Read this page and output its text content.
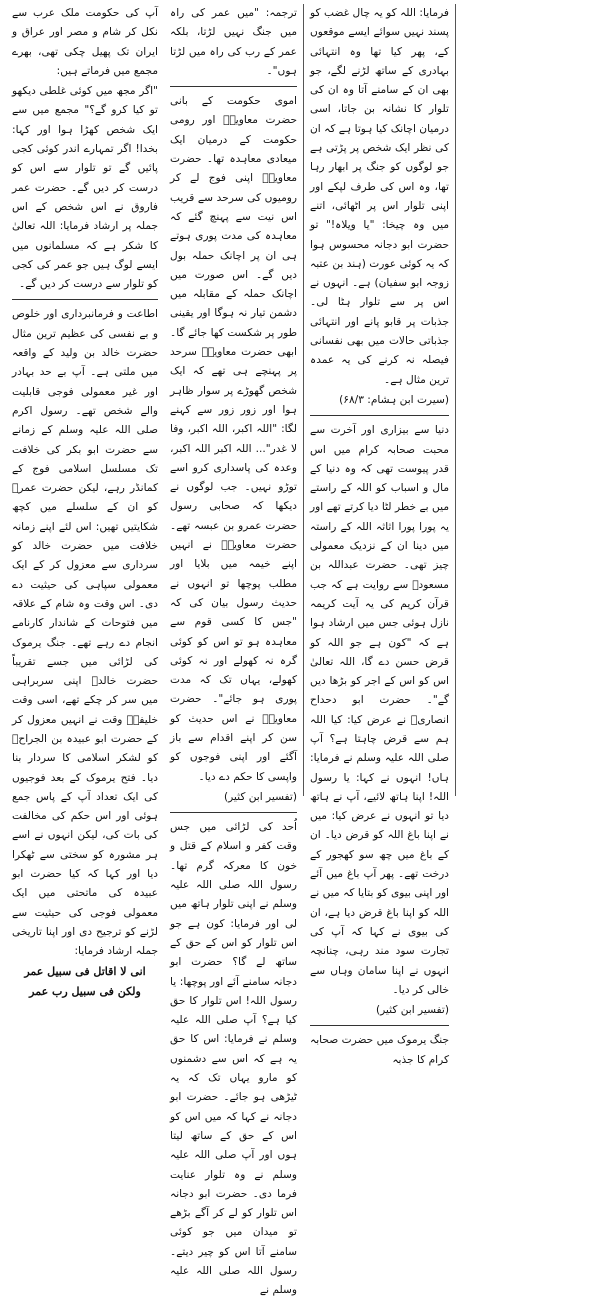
آپ کی حکومت ملک عرب سے نکل کر شام و مصر اور عراق و ایران تک پھیل چکی تھی، بھرے مجمع میں فرماتے ہیں:

"اگر مجھ میں کوئی غلطی دیکھو تو کیا کرو گے؟" مجمع میں سے ایک شخص کھڑا ہوا اور کہا: بخدا! اگر تمہارے اندر کوئی کجی پائیں گے تو تلوار سے اس کو درست کر دیں گے۔ حضرت عمر فاروق نے اس شخص کے اس جملہ پر ارشاد فرمایا: اللہ تعالیٰ کا شکر ہے کہ مسلمانوں میں ایسے لوگ ہیں جو عمر کی کجی کو تلوار سے درست کر دیں گے۔

اطاعت و فرمانبرداری اور خلوص و بے نفسی کی عظیم ترین مثال حضرت خالد بن ولید کے واقعہ میں ملتی ہے۔ آپ بے حد بہادر اور غیر معمولی فوجی قابلیت والے شخص تھے۔ رسول اکرم صلی اللہ علیہ وسلم کے زمانے سے حضرت ابو بکر کی خلافت تک مسلسل اسلامی فوج کے کمانڈر رہے، لیکن حضرت عمرؓ کو ان کے سلسلے میں کچھ شکایتیں تھیں: اس لئے اپنے زمانہ خلافت میں حضرت خالد کو سرداری سے معزول کر کے ایک معمولی سپاہی کی حیثیت دے دی۔ اس وقت وہ شام کے علاقہ میں فتوحات کے شاندار کارنامے انجام دے رہے تھے۔ جنگ یرموک کی لڑائی میں جسے تقریباً حضرت خالدؓ اپنی سربراہی میں سر کر چکے تھے، اسی وقت خلیفہؓ وقت نے انہیں معزول کر کے حضرت ابو عبیدہ بن الجراحؓ کو لشکر اسلامی کا سردار بنا دیا۔ فتح یرموک کے بعد فوجیوں کی ایک تعداد آپ کے پاس جمع ہوئی اور اس حکم کی مخالفت کی بات کی، لیکن انہوں نے اسے ہر مشورہ کو سختی سے ٹھکرا دیا اور کہا کہ کیا حضرت ابو عبیدہ کی ماتحتی میں ایک معمولی فوجی کی حیثیت سے لڑنے کو ترجیح دی اور اپنا تاریخی جملہ ارشاد فرمایا:

انی لا اقاتل فی سبیل عمر

ولکن فی سبیل رب عمر

ترجمہ: "میں عمر کی راہ میں جنگ نہیں لڑتا، بلکہ عمر کے رب کی راہ میں لڑتا ہوں"۔

اموی حکومت کے بانی حضرت معاویہؓ اور رومی حکومت کے درمیان ایک میعادی معاہدہ تھا۔ حضرت معاویہؓ اپنی فوج لے کر رومیوں کی سرحد سے قریب اس نیت سے پہنچ گئے کہ معاہدہ کی مدت پوری ہوتے ہی ان پر اچانک حملہ بول دیں گے۔ اس صورت میں اچانک حملہ کے مقابلہ میں دشمن تیار نہ ہوگا اور یقینی طور پر شکست کھا جائے گا۔ ابھی حضرت معاویہؓ سرحد پر پہنچے ہی تھے کہ ایک شخص گھوڑے پر سوار ظاہر ہوا اور زور زور سے کہنے لگا: "اللہ اکبر، اللہ اکبر، وفا لا غدر"... اللہ اکبر اللہ اکبر، وعدہ کی پاسداری کرو اسے توڑو نہیں۔ جب لوگوں نے دیکھا کہ صحابی رسول حضرت عمرو بن عبسہ تھے۔ حضرت معاویہؓ نے انہیں اپنے خیمہ میں بلایا اور مطلب پوچھا تو انہوں نے حدیث رسول بیان کی کہ "جس کا کسی قوم سے معاہدہ ہو تو اس کو کوئی گرہ نہ کھولے اور نہ کوئی کھولے، یہاں تک کہ مدت پوری ہو جائے"۔ حضرت معاویہؓ نے اس حدیث کو سن کر اپنے اقدام سے باز آگئے اور اپنی فوجوں کو واپسی کا حکم دے دیا۔

(تفسیر ابن کثیر)

اُحد کی لڑائی میں جس وقت کفر و اسلام کے قتل و خون کا معرکہ گرم تھا۔ رسول اللہ صلی اللہ علیہ وسلم نے اپنی تلوار ہاتھ میں لی اور فرمایا: کون ہے جو اس تلوار کو اس کے حق کے ساتھ لے گا؟ حضرت ابو دجانہ سامنے آئے اور پوچھا: یا رسول اللہ! اس تلوار کا حق کیا ہے؟ آپ صلی اللہ علیہ وسلم نے فرمایا: اس کا حق یہ ہے کہ اس سے دشمنوں کو مارو یہاں تک کہ یہ ٹیڑھی ہو جائے۔ حضرت ابو دجانہ نے کہا کہ میں اس کو اس کے حق کے ساتھ لیتا ہوں اور آپ صلی اللہ علیہ وسلم نے وہ تلوار عنایت فرما دی۔ حضرت ابو دجانہ اس تلوار کو لے کر آگے بڑھے تو میدان میں جو کوئی سامنے آتا اس کو چیر دیتے۔ رسول اللہ صلی اللہ علیہ وسلم نے

فرمایا: اللہ کو یہ چال غضب کو پسند نہیں سوائے ایسے موقعوں کے، پھر کیا تھا وہ انتہائی بہادری کے ساتھ لڑنے لگے، جو بھی ان کے سامنے آتا وہ ان کی تلوار کا نشانہ بن جاتا، اسی درمیان اچانک کیا ہوتا ہے کہ ان کی نظر ایک شخص پر پڑتی ہے جو لوگوں کو جنگ پر ابھار رہا تھا، وہ اس کی طرف لپکے اور اپنی تلوار اس پر اٹھائی، اتنے میں وہ چیخا: "یا ویلاہ!" تو حضرت ابو دجانہ محسوس ہوا کہ یہ کوئی عورت (ہند بن عتبہ زوجہ ابو سفیان) ہے۔ انہوں نے اس پر سے تلوار ہٹا لی۔ جذبات پر قابو پانے اور انتہائی جذباتی حالات میں بھی نفسانی فیصلہ نہ کرنے کی یہ عمدہ ترین مثال ہے۔

(سیرت ابن ہشام: ۶۸/۳)

دنیا سے بیزاری اور آخرت سے محبت صحابہ کرام میں اس قدر پیوست تھی کہ وہ دنیا کے مال و اسباب کو اللہ کے راستے میں بے خطر لٹا دیا کرتے تھے اور یہ پورا پورا اثاثہ اللہ کے راستہ میں دینا ان کے نزدیک معمولی چیز تھی۔ حضرت عبداللہ بن مسعودؓ سے روایت ہے کہ جب قرآن کریم کی یہ آیت کریمہ نازل ہوئی جس میں ارشاد ہوا ہے کہ "کون ہے جو اللہ کو قرض حسن دے گا، اللہ تعالیٰ اس کو اس کے اجر کو بڑھا دیں گے"۔ حضرت ابو دحداح انصاریؓ نے عرض کیا: کیا اللہ ہم سے قرض چاہتا ہے؟ آپ صلی اللہ علیہ وسلم نے فرمایا: ہاں! انہوں نے کہا: یا رسول اللہ! اپنا ہاتھ لائیے، آپ نے ہاتھ دیا تو انہوں نے عرض کیا: میں نے اپنا باغ اللہ کو قرض دیا۔ ان کے باغ میں چھ سو کھجور کے درخت تھے۔ پھر آپ باغ میں آئے اور اپنی بیوی کو بتایا کہ میں نے اللہ کو اپنا باغ قرض دیا ہے، ان کی بیوی نے کہا کہ آپ کی تجارت سود مند رہی، چنانچہ انہوں نے اپنا سامان وہاں سے خالی کر دیا۔

(تفسیر ابن کثیر)

جنگ یرموک میں حضرت صحابہ کرام کا جذبہ
